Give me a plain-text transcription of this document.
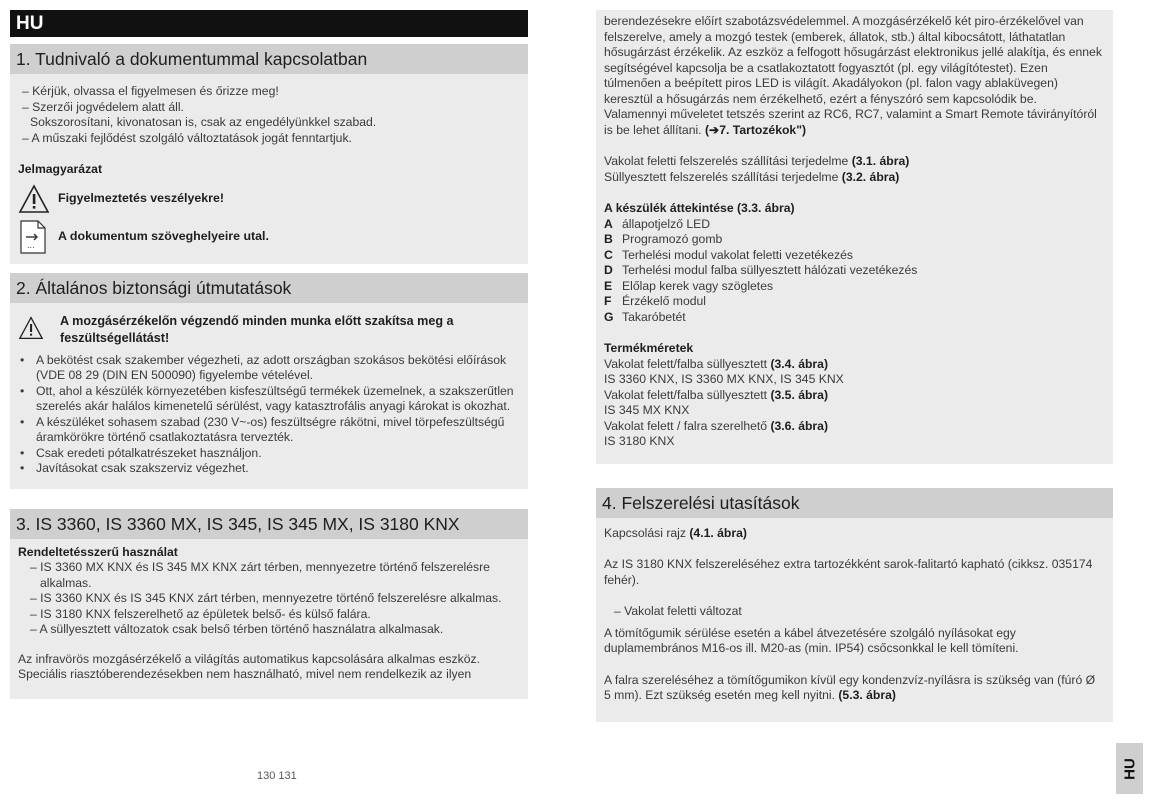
HU
1. Tudnivaló a dokumentummal kapcsolatban

– Kérjük, olvassa el figyelmesen és őrizze meg!

– Szerzői jogvédelem alatt áll.

Sokszorosítani, kivonatosan is, csak az engedélyünkkel szabad.

– A műszaki fejlődést szolgáló változtatások jogát fenntartjuk.

Jelmagyarázat

Figyelmeztetés veszélyekre!
...
A dokumentum szöveghelyeire utal.
2. Általános biztonsági útmutatások
A mozgásérzékelőn végzendő minden munka előtt szakítsa meg a feszültségellátást!

• A bekötést csak szakember végezheti, az adott országban szokásos bekötési előírások (VDE 08 29 (DIN EN 500090) figyelembe vételével.

• Ott, ahol a készülék környezetében kisfeszültségű termékek üzemelnek, a szakszerűtlen szerelés akár halálos kimenetelű sérülést, vagy katasztrofális anyagi károkat is okozhat.

• A készüléket sohasem szabad (230 V~-os) feszültségre rákötni, mivel törpefeszültségű áramkörökre történő csatlakoztatásra tervezték.

• Csak eredeti pótalkatrészeket használjon.

• Javításokat csak szakszerviz végezhet.

3. IS 3360, IS 3360 MX, IS 345, IS 345 MX, IS 3180 KNX

Rendeltetésszerű használat

– IS 3360 MX KNX és IS 345 MX KNX zárt térben, mennyezetre történő felszerelésre alkalmas.

– IS 3360 KNX és IS 345 KNX zárt térben, mennyezetre történő felszerelésre alkalmas.

– IS 3180 KNX felszerelhető az épületek belső- és külső falára.

– A süllyesztett változatok csak belső térben történő használatra alkalmasak.

Az infravörös mozgásérzékelő a világítás automatikus kapcsolására alkalmas eszköz. Speciális riasztóberendezésekben nem használható, mivel nem rendelkezik az ilyen

berendezésekre előírt szabotázsvédelemmel. A mozgásérzékelő két piro-érzékelővel van felszerelve, amely a mozgó testek (emberek, állatok, stb.) által kibocsátott, láthatatlan hősugárzást érzékelik. Az eszköz a felfogott hősugárzást elektronikus jellé alakítja, és ennek segítségével kapcsolja be a csatlakoztatott fogyasztót (pl. egy világítótestet). Ezen túlmenően a beépített piros LED is világít. Akadályokon (pl. falon vagy ablaküvegen) keresztül a hősugárzás nem érzékelhető, ezért a fényszóró sem kapcsolódik be.

Valamennyi műveletet tetszés szerint az RC6, RC7, valamint a Smart Remote távirányítóról is be lehet állítani. (➔7. Tartozékok")

Vakolat feletti felszerelés szállítási terjedelme (3.1. ábra)

Süllyesztett felszerelés szállítási terjedelme (3.2. ábra)

A készülék áttekintése (3.3. ábra)

A állapotjelző LED
B Programozó gomb
C Terhelési modul vakolat feletti vezetékezés
D Terhelési modul falba süllyesztett hálózati vezetékezés
E Előlap kerek vagy szögletes
F Érzékelő modul
G Takaróbetét

Termékméretek

Vakolat felett/falba süllyesztett (3.4. ábra)

IS 3360 KNX, IS 3360 MX KNX, IS 345 KNX

Vakolat felett/falba süllyesztett (3.5. ábra)

IS 345 MX KNX

Vakolat felett / falra szerelhető (3.6. ábra)

IS 3180 KNX

4. Felszerelési utasítások

Kapcsolási rajz (4.1. ábra)

Az IS 3180 KNX felszereléséhez extra tartozékként sarok-falitartó kapható (cikksz. 035174 fehér).

– Vakolat feletti változat

A tömítőgumik sérülése esetén a kábel átvezetésére szolgáló nyílásokat egy duplamembrános M16-os ill. M20-as (min. IP54) csőcsonkkal le kell tömíteni.

A falra szereléséhez a tömítőgumikon kívül egy kondenzvíz-nyílásra is szükség van (fúró Ø 5 mm). Ezt szükség esetén meg kell nyitni. (5.3. ábra)

130 131	HU
